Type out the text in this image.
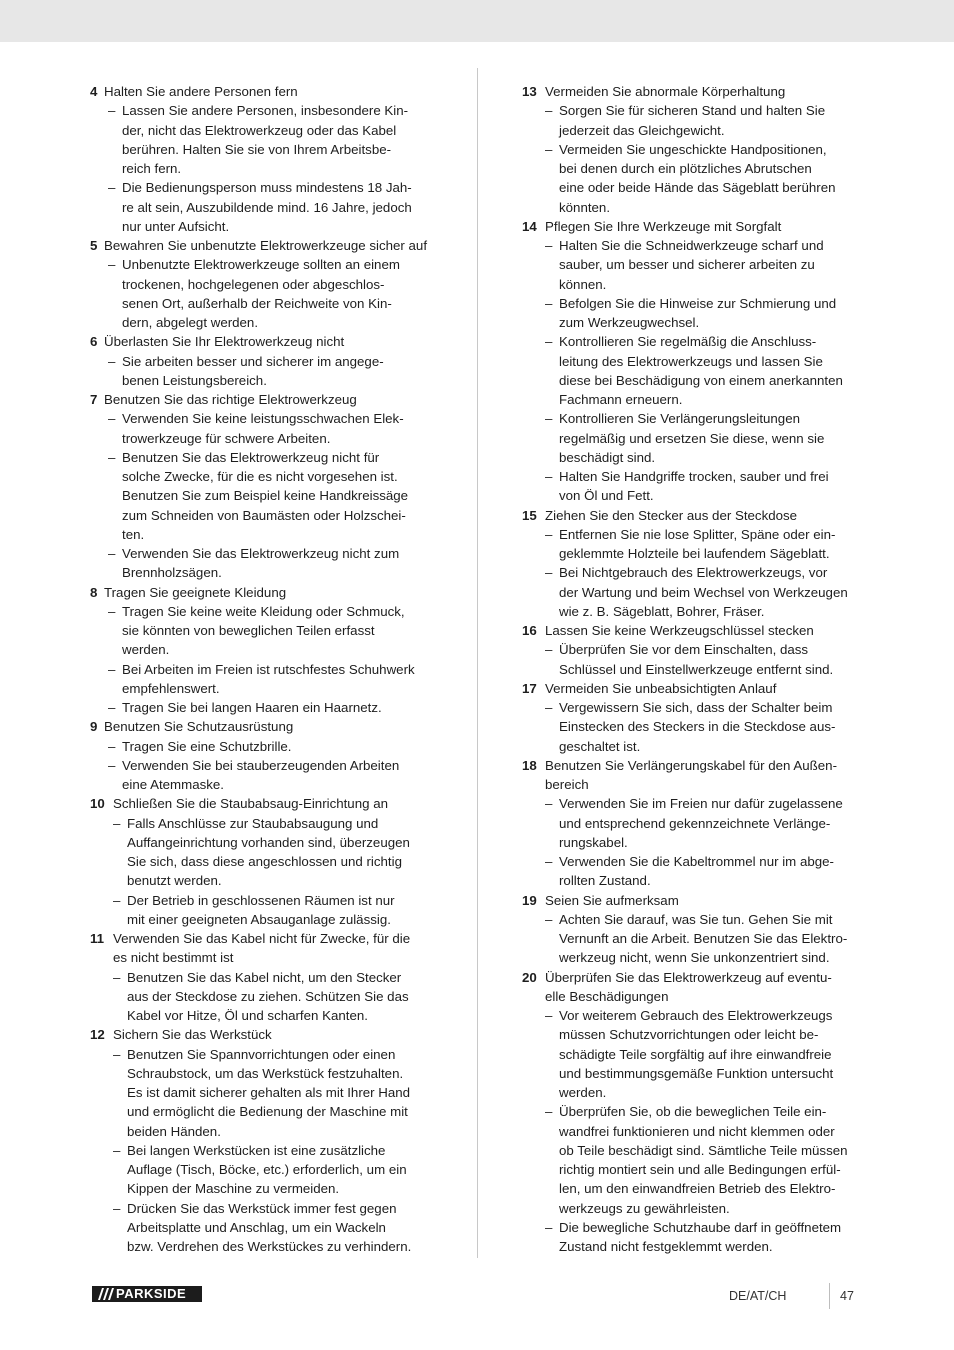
4 Halten Sie andere Personen fern
– Lassen Sie andere Personen, insbesondere Kin-
der, nicht das Elektrowerkzeug oder das Kabel
berühren. Halten Sie sie von Ihrem Arbeitsbe-
reich fern.
– Die Bedienungsperson muss mindestens 18 Jah-
re alt sein, Auszubildende mind. 16 Jahre, jedoch
nur unter Aufsicht.
5 Bewahren Sie unbenutzte Elektrowerkzeuge sicher auf
– Unbenutzte Elektrowerkzeuge sollten an einem
trockenen, hochgelegenen oder abgeschlos-
senen Ort, außerhalb der Reichweite von Kin-
dern, abgelegt werden.
6 Überlasten Sie Ihr Elektrowerkzeug nicht
– Sie arbeiten besser und sicherer im angege-
benen Leistungsbereich.
7 Benutzen Sie das richtige Elektrowerkzeug
– Verwenden Sie keine leistungsschwachen Elek-
trowerkzeuge für schwere Arbeiten.
– Benutzen Sie das Elektrowerkzeug nicht für
solche Zwecke, für die es nicht vorgesehen ist.
Benutzen Sie zum Beispiel keine Handkreissäge
zum Schneiden von Baumästen oder Holzschei-
ten.
– Verwenden Sie das Elektrowerkzeug nicht zum
Brennholzsägen.
8 Tragen Sie geeignete Kleidung
– Tragen Sie keine weite Kleidung oder Schmuck,
sie könnten von beweglichen Teilen erfasst
werden.
– Bei Arbeiten im Freien ist rutschfestes Schuhwerk
empfehlenswert.
– Tragen Sie bei langen Haaren ein Haarnetz.
9 Benutzen Sie Schutzausrüstung
– Tragen Sie eine Schutzbrille.
– Verwenden Sie bei stauberzeugenden Arbeiten
eine Atemmaske.
10 Schließen Sie die Staubabsaug-Einrichtung an
– Falls Anschlüsse zur Staubabsaugung und
Auffangeinrichtung vorhanden sind, überzeugen
Sie sich, dass diese angeschlossen und richtig
benutzt werden.
– Der Betrieb in geschlossenen Räumen ist nur
mit einer geeigneten Absauganlage zulässig.
11 Verwenden Sie das Kabel nicht für Zwecke, für die
es nicht bestimmt ist
– Benutzen Sie das Kabel nicht, um den Stecker
aus der Steckdose zu ziehen. Schützen Sie das
Kabel vor Hitze, Öl und scharfen Kanten.
12 Sichern Sie das Werkstück
– Benutzen Sie Spannvorrichtungen oder einen
Schraubstock, um das Werkstück festzuhalten.
Es ist damit sicherer gehalten als mit Ihrer Hand
und ermöglicht die Bedienung der Maschine mit
beiden Händen.
– Bei langen Werkstücken ist eine zusätzliche
Auflage (Tisch, Böcke, etc.) erforderlich, um ein
Kippen der Maschine zu vermeiden.
– Drücken Sie das Werkstück immer fest gegen
Arbeitsplatte und Anschlag, um ein Wackeln
bzw. Verdrehen des Werkstückes zu verhindern.
13 Vermeiden Sie abnormale Körperhaltung
– Sorgen Sie für sicheren Stand und halten Sie
jederzeit das Gleichgewicht.
– Vermeiden Sie ungeschickte Handpositionen,
bei denen durch ein plötzliches Abrutschen
eine oder beide Hände das Sägeblatt berühren
könnten.
14 Pflegen Sie Ihre Werkzeuge mit Sorgfalt
– Halten Sie die Schneidwerkzeuge scharf und
sauber, um besser und sicherer arbeiten zu
können.
– Befolgen Sie die Hinweise zur Schmierung und
zum Werkzeugwechsel.
– Kontrollieren Sie regelmäßig die Anschluss-
leitung des Elektrowerkzeugs und lassen Sie
diese bei Beschädigung von einem anerkannten
Fachmann erneuern.
– Kontrollieren Sie Verlängerungsleitungen
regelmäßig und ersetzen Sie diese, wenn sie
beschädigt sind.
– Halten Sie Handgriffe trocken, sauber und frei
von Öl und Fett.
15 Ziehen Sie den Stecker aus der Steckdose
– Entfernen Sie nie lose Splitter, Späne oder ein-
geklemmte Holzteile bei laufendem Sägeblatt.
– Bei Nichtgebrauch des Elektrowerkzeugs, vor
der Wartung und beim Wechsel von Werkzeugen
wie z. B. Sägeblatt, Bohrer, Fräser.
16 Lassen Sie keine Werkzeugschlüssel stecken
– Überprüfen Sie vor dem Einschalten, dass
Schlüssel und Einstellwerkzeuge entfernt sind.
17 Vermeiden Sie unbeabsichtigten Anlauf
– Vergewissern Sie sich, dass der Schalter beim
Einstecken des Steckers in die Steckdose aus-
geschaltet ist.
18 Benutzen Sie Verlängerungskabel für den Außen-
bereich
– Verwenden Sie im Freien nur dafür zugelassene
und entsprechend gekennzeichnete Verlänge-
rungskabel.
– Verwenden Sie die Kabeltrommel nur im abge-
rollten Zustand.
19 Seien Sie aufmerksam
– Achten Sie darauf, was Sie tun. Gehen Sie mit
Vernunft an die Arbeit. Benutzen Sie das Elektro-
werkzeug nicht, wenn Sie unkonzentriert sind.
20 Überprüfen Sie das Elektrowerkzeug auf eventu-
elle Beschädigungen
– Vor weiterem Gebrauch des Elektrowerkzeugs
müssen Schutzvorrichtungen oder leicht be-
schädigte Teile sorgfältig auf ihre einwandfreie
und bestimmungsgemäße Funktion untersucht
werden.
– Überprüfen Sie, ob die beweglichen Teile ein-
wandfrei funktionieren und nicht klemmen oder
ob Teile beschädigt sind. Sämtliche Teile müssen
richtig montiert sein und alle Bedingungen erfül-
len, um den einwandfreien Betrieb des Elektro-
werkzeugs zu gewährleisten.
– Die bewegliche Schutzhaube darf in geöffnetem
Zustand nicht festgeklemmt werden.
PARKSIDE	DE/AT/CH	47
